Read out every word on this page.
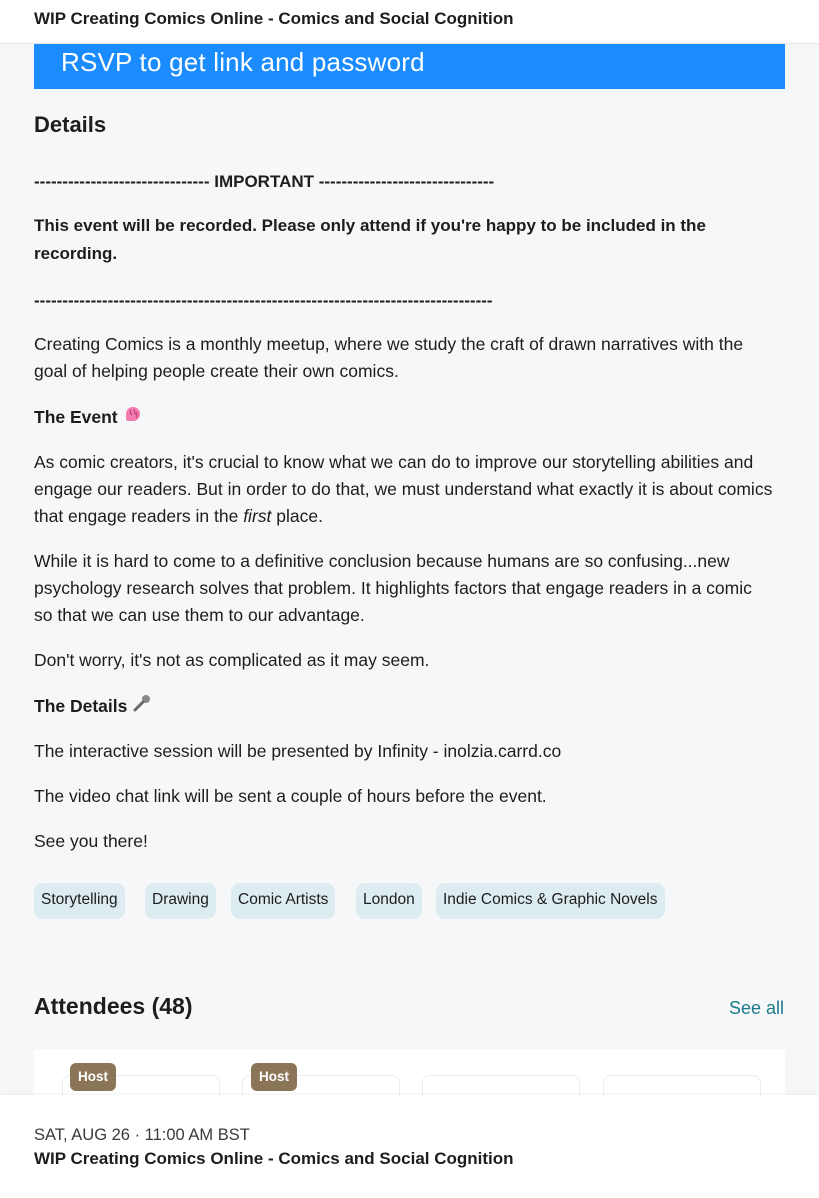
WIP Creating Comics Online - Comics and Social Cognition
RSVP to get link and password
Details

------------------------------- IMPORTANT -------------------------------

This event will be recorded. Please only attend if you're happy to be included in the recording.

---------------------------------------------------------------------------------

Creating Comics is a monthly meetup, where we study the craft of drawn narratives with the goal of helping people create their own comics.

The Event

As comic creators, it's crucial to know what we can do to improve our storytelling abilities and engage our readers. But in order to do that, we must understand what exactly it is about comics that engage readers in the first place.

While it is hard to come to a definitive conclusion because humans are so confusing...new psychology research solves that problem. It highlights factors that engage readers in a comic so that we can use them to our advantage.

Don't worry, it's not as complicated as it may seem.

The Details

The interactive session will be presented by Infinity - inolzia.carrd.co

The video chat link will be sent a couple of hours before the event.

See you there!

Storytelling	Drawing	Comic Artists	London	Indie Comics & Graphic Novels
Attendees (48)	See all
Host	Host
SAT, AUG 26 · 11:00 AM BST
WIP Creating Comics Online - Comics and Social Cognition
